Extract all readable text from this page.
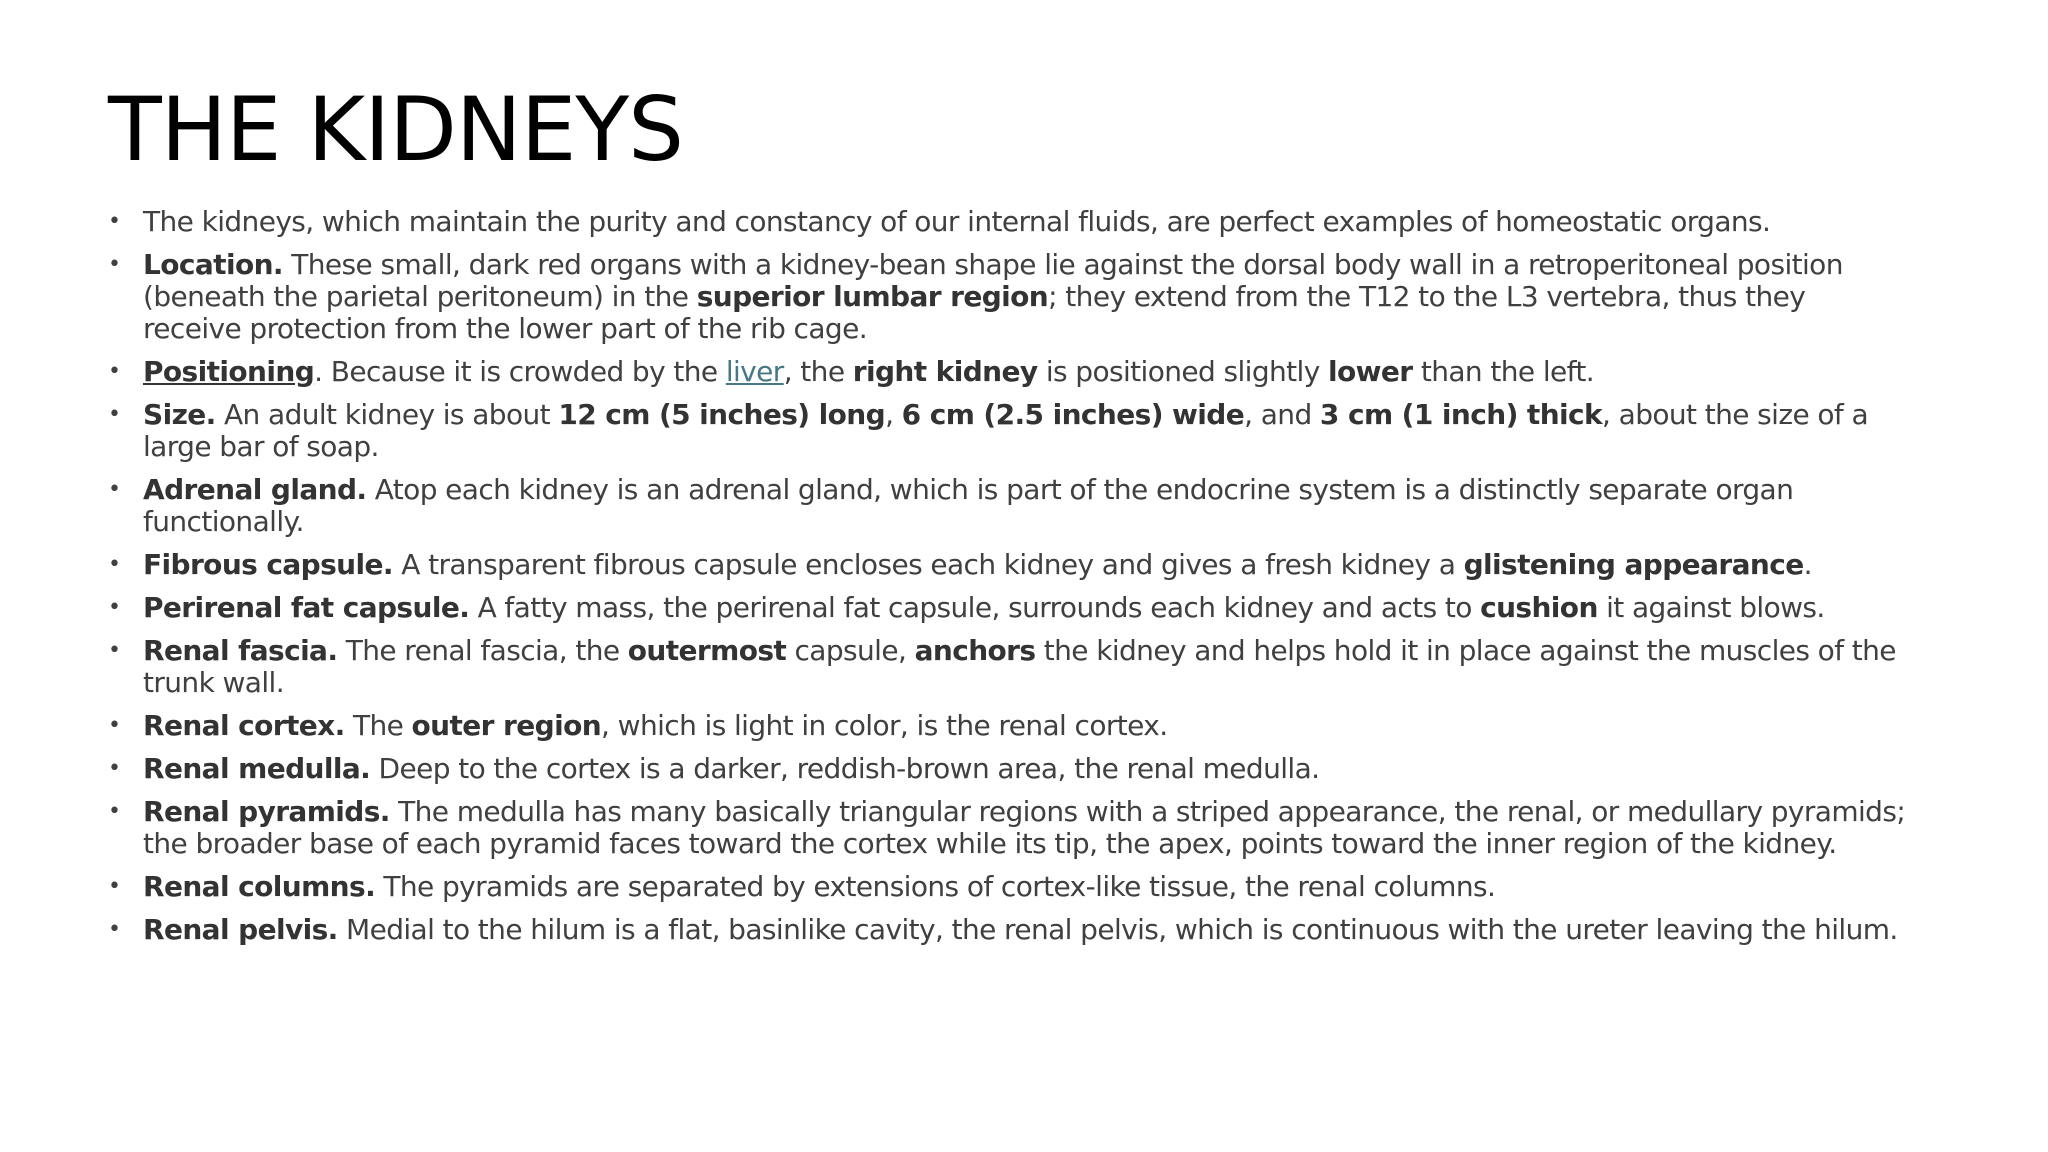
THE KIDNEYS
• The kidneys, which maintain the purity and constancy of our internal fluids, are perfect examples of homeostatic organs.
• Location. These small, dark red organs with a kidney-bean shape lie against the dorsal body wall in a retroperitoneal position (beneath the parietal peritoneum) in the superior lumbar region; they extend from the T12 to the L3 vertebra, thus they receive protection from the lower part of the rib cage.
• Positioning. Because it is crowded by the liver, the right kidney is positioned slightly lower than the left.
• Size. An adult kidney is about 12 cm (5 inches) long, 6 cm (2.5 inches) wide, and 3 cm (1 inch) thick, about the size of a large bar of soap.
• Adrenal gland. Atop each kidney is an adrenal gland, which is part of the endocrine system is a distinctly separate organ functionally.
• Fibrous capsule. A transparent fibrous capsule encloses each kidney and gives a fresh kidney a glistening appearance.
• Perirenal fat capsule. A fatty mass, the perirenal fat capsule, surrounds each kidney and acts to cushion it against blows.
• Renal fascia. The renal fascia, the outermost capsule, anchors the kidney and helps hold it in place against the muscles of the trunk wall.
• Renal cortex. The outer region, which is light in color, is the renal cortex.
• Renal medulla. Deep to the cortex is a darker, reddish-brown area, the renal medulla.
• Renal pyramids. The medulla has many basically triangular regions with a striped appearance, the renal, or medullary pyramids; the broader base of each pyramid faces toward the cortex while its tip, the apex, points toward the inner region of the kidney.
• Renal columns. The pyramids are separated by extensions of cortex-like tissue, the renal columns.
• Renal pelvis. Medial to the hilum is a flat, basinlike cavity, the renal pelvis, which is continuous with the ureter leaving the hilum.
